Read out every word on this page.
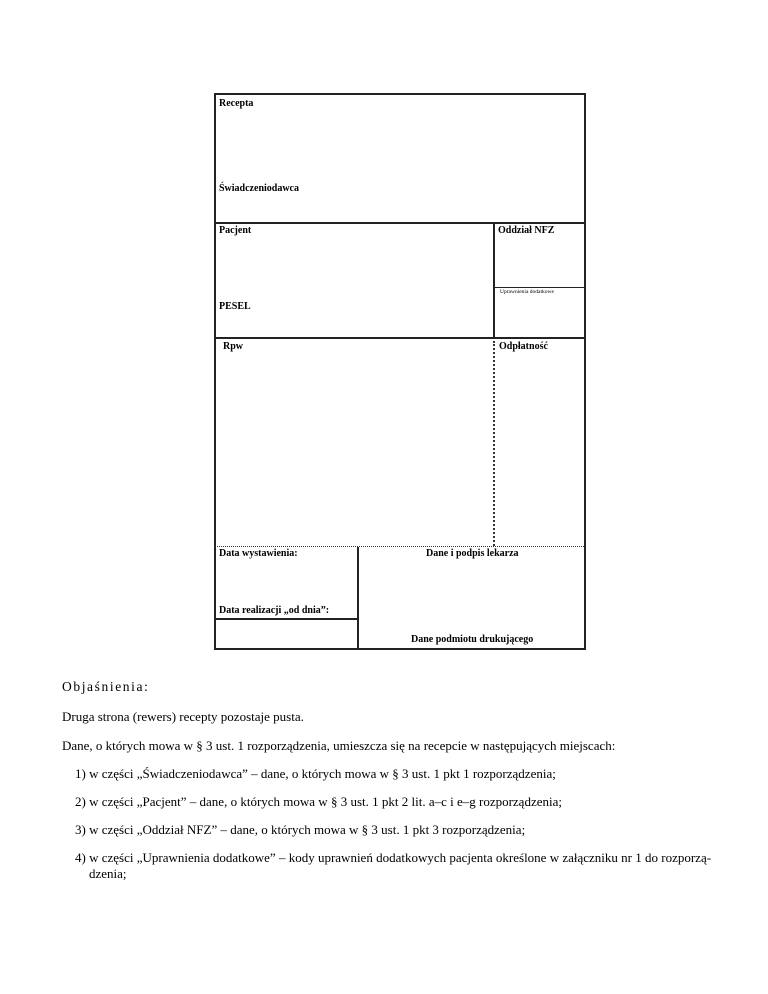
Recepta
Świadczeniodawca
Pacjent	Oddział NFZ
Uprawnienia dodatkowe
PESEL
Rpw	Odpłatność
Data wystawienia:	Dane i podpis lekarza
Data realizacji „od dnia”:
Dane podmiotu drukującego
Objaśnienia:
Druga strona (rewers) recepty pozostaje pusta.
Dane, o których mowa w § 3 ust. 1 rozporządzenia, umieszcza się na recepcie w następujących miejscach:
1) w części „Świadczeniodawca” – dane, o których mowa w § 3 ust. 1 pkt 1 rozporządzenia;
2) w części „Pacjent” – dane, o których mowa w § 3 ust. 1 pkt 2 lit. a–c i e–g rozporządzenia;
3) w części „Oddział NFZ” – dane, o których mowa w § 3 ust. 1 pkt 3 rozporządzenia;
4) w części „Uprawnienia dodatkowe” – kody uprawnień dodatkowych pacjenta określone w załączniku nr 1 do rozporzą-
dzenia;
